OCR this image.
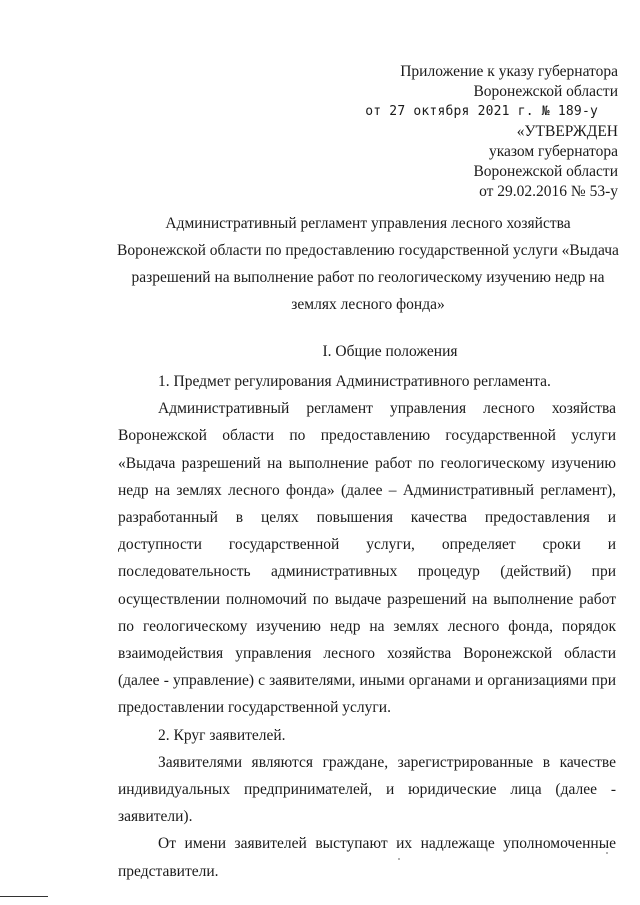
Приложение к указу губернатора
Воронежской области
от 27 октября 2021 г. № 189-у
«УТВЕРЖДЕН
указом губернатора
Воронежской области
от 29.02.2016 № 53-у
Административный регламент управления лесного хозяйства
Воронежской области по предоставлению государственной услуги «Выдача
разрешений на выполнение работ по геологическому изучению недр на
землях лесного фонда»
I. Общие положения

1. Предмет регулирования Административного регламента.

Административный регламент управления лесного хозяйства Воронежской области по предоставлению государственной услуги «Выдача разрешений на выполнение работ по геологическому изучению недр на землях лесного фонда» (далее – Административный регламент), разработанный в целях повышения качества предоставления и доступности государственной услуги, определяет сроки и последовательность административных процедур (действий) при осуществлении полномочий по выдаче разрешений на выполнение работ по геологическому изучению недр на землях лесного фонда, порядок взаимодействия управления лесного хозяйства Воронежской области (далее - управление) с заявителями, иными органами и организациями при предоставлении государственной услуги.

2. Круг заявителей.

Заявителями являются граждане, зарегистрированные в качестве индивидуальных предпринимателей, и юридические лица (далее - заявители).

От имени заявителей выступают их надлежаще уполномоченные представители.
